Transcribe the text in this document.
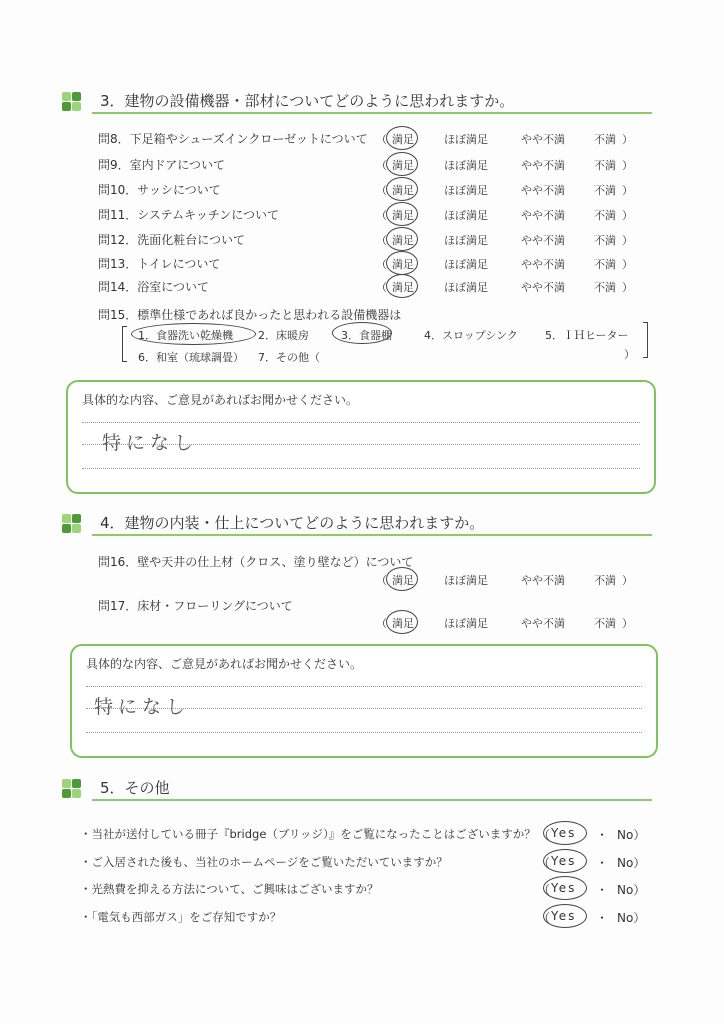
3．建物の設備機器・部材についてどのように思われますか。
問8．下足箱やシューズインクローゼットについて （ 満足	ほぼ満足	やや不満	不満 ）
問9．室内ドアについて	（ 満足	ほぼ満足	やや不満	不満 ）
問10．サッシについて	（ 満足	ほぼ満足	やや不満	不満 ）
問11．システムキッチンについて	（ 満足	ほぼ満足	やや不満	不満 ）
問12．洗面化粧台について	（ 満足	ほぼ満足	やや不満	不満 ）
問13．トイレについて	（ 満足	ほぼ満足	やや不満	不満 ）
問14．浴室について	（ 満足	ほぼ満足	やや不満	不満 ）
問15．標準仕様であれば良かったと思われる設備機器は
1．食器洗い乾燥機 2．床暖房	3．食器棚	4．スロップシンク 5．ＩＨヒーター
6．和室（琉球調畳） 7．その他（	）
具体的な内容、ご意見があればお聞かせください。
特になし
4．建物の内装・仕上についてどのように思われますか。
問16．壁や天井の仕上材（クロス、塗り壁など）について
（ 満足	ほぼ満足	やや不満	不満 ）
問17．床材・フローリングについて
（ 満足	ほぼ満足	やや不満	不満 ）
具体的な内容、ご意見があればお聞かせください。
特になし
5．その他
・当社が送付している冊子『bridge（ブリッジ）』をご覧になったことはございますか？ （ Yes ・ No）
・ご入居された後も、当社のホームページをご覧いただいていますか？	（ Yes ・ No）
・光熱費を抑える方法について、ご興味はございますか？	（ Yes ・ No）
・「電気も西部ガス」をご存知ですか？	（ Yes ・ No）
